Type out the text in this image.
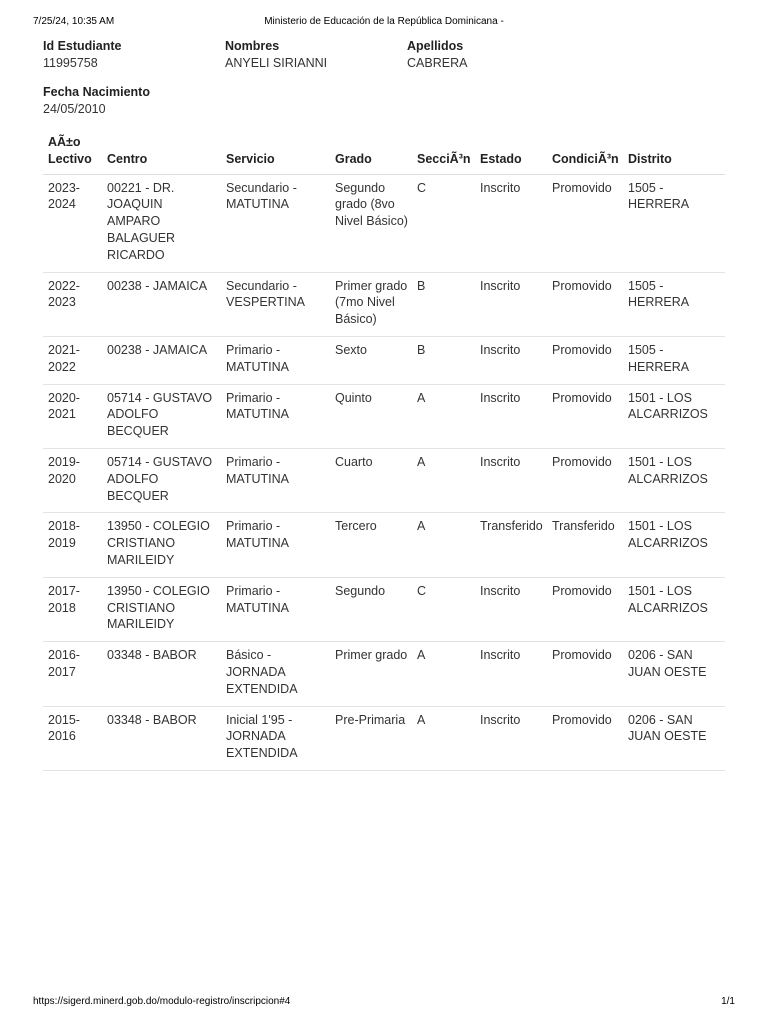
7/25/24, 10:35 AM	Ministerio de Educación de la República Dominicana -
Id Estudiante
11995758
Nombres
ANYELI SIRIANNI
Apellidos
CABRERA
Fecha Nacimiento
24/05/2010
AÃ±o Lectivo	Centro	Servicio	Grado	SecciÃ³n	Estado	CondiciÃ³n	Distrito
2023-2024	00221 - DR. JOAQUIN AMPARO BALAGUER RICARDO	Secundario - MATUTINA	Segundo grado (8vo Nivel Básico)	C	Inscrito	Promovido	1505 - HERRERA
2022-2023	00238 - JAMAICA	Secundario - VESPERTINA	Primer grado (7mo Nivel Básico)	B	Inscrito	Promovido	1505 - HERRERA
2021-2022	00238 - JAMAICA	Primario - MATUTINA	Sexto	B	Inscrito	Promovido	1505 - HERRERA
2020-2021	05714 - GUSTAVO ADOLFO BECQUER	Primario - MATUTINA	Quinto	A	Inscrito	Promovido	1501 - LOS ALCARRIZOS
2019-2020	05714 - GUSTAVO ADOLFO BECQUER	Primario - MATUTINA	Cuarto	A	Inscrito	Promovido	1501 - LOS ALCARRIZOS
2018-2019	13950 - COLEGIO CRISTIANO MARILEIDY	Primario - MATUTINA	Tercero	A	Transferido	Transferido	1501 - LOS ALCARRIZOS
2017-2018	13950 - COLEGIO CRISTIANO MARILEIDY	Primario - MATUTINA	Segundo	C	Inscrito	Promovido	1501 - LOS ALCARRIZOS
2016-2017	03348 - BABOR	Básico - JORNADA EXTENDIDA	Primer grado	A	Inscrito	Promovido	0206 - SAN JUAN OESTE
2015-2016	03348 - BABOR	Inicial 1'95 - JORNADA EXTENDIDA	Pre-Primaria	A	Inscrito	Promovido	0206 - SAN JUAN OESTE
https://sigerd.minerd.gob.do/modulo-registro/inscripcion#4	1/1
